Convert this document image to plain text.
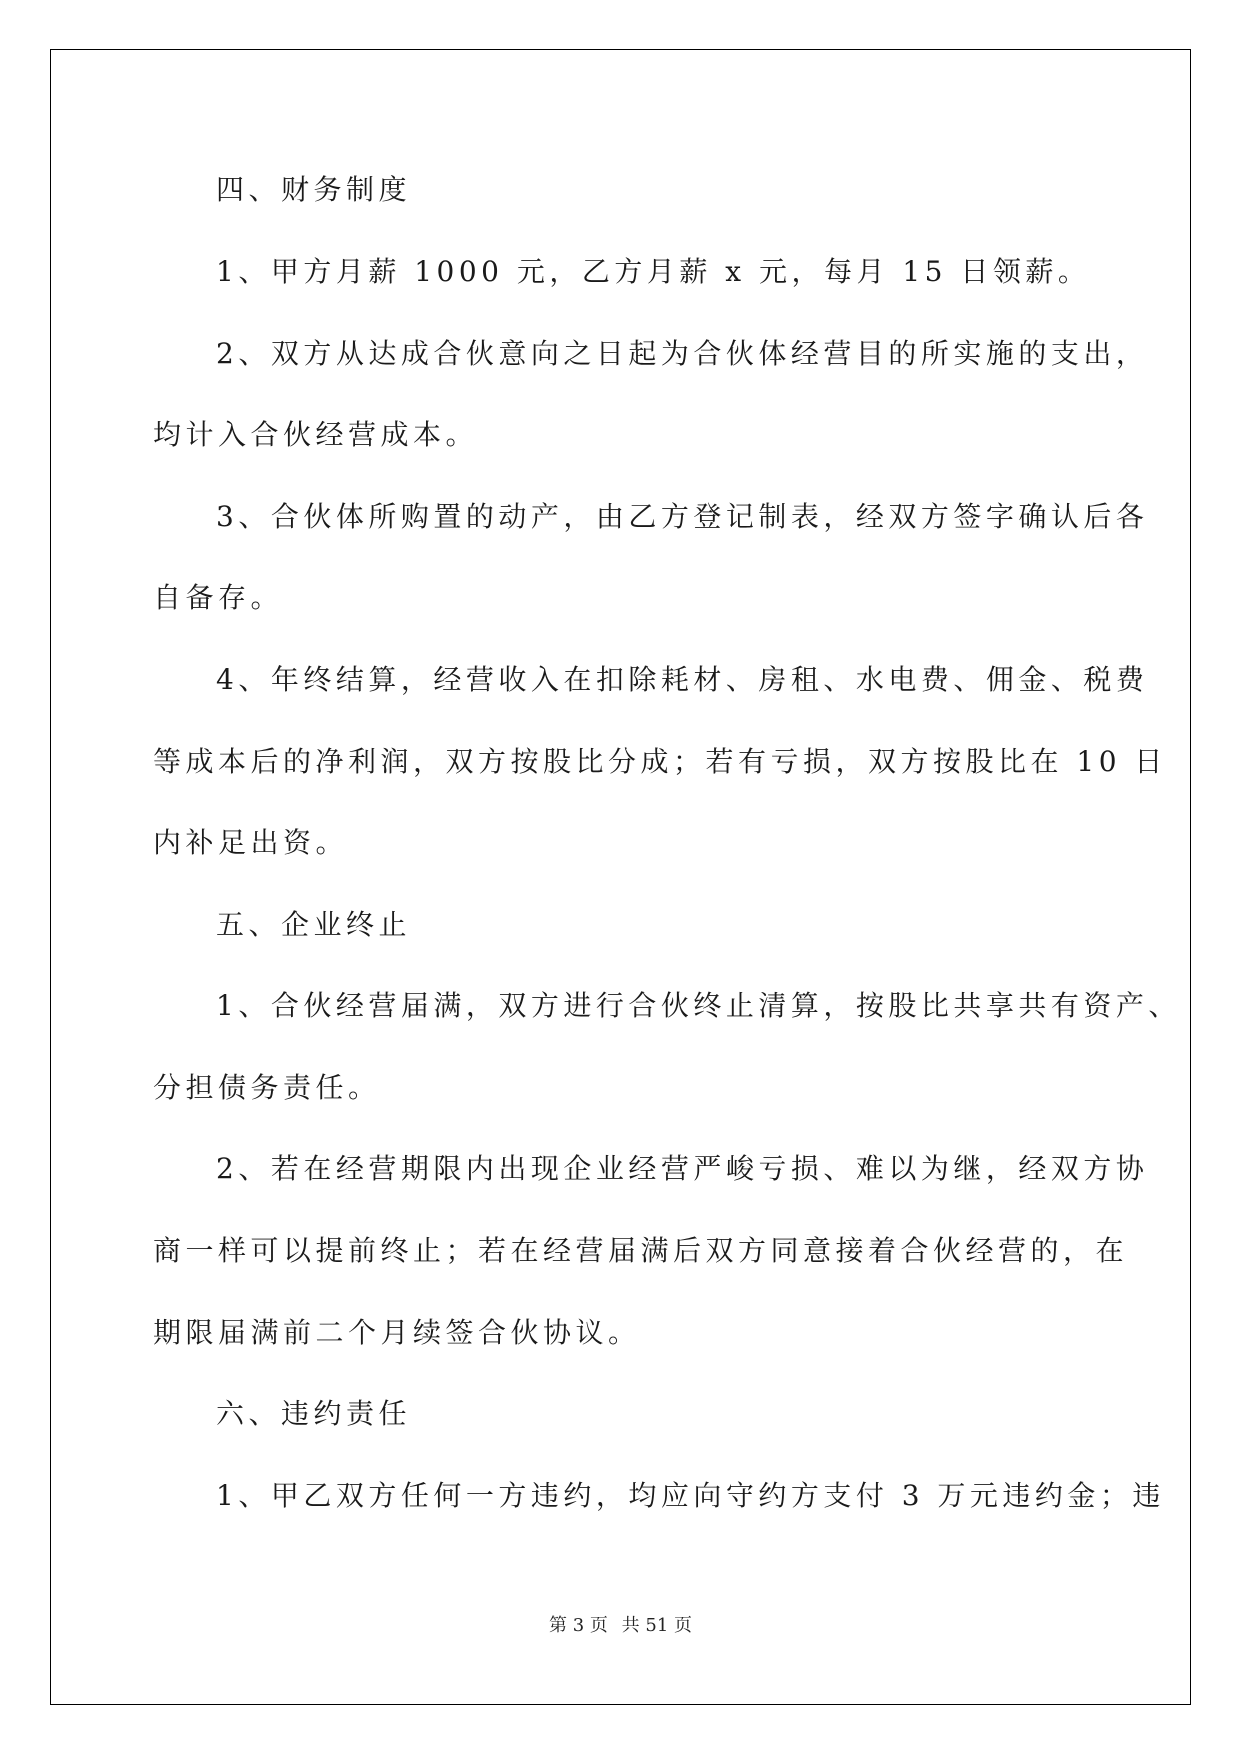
四、财务制度
1、甲方月薪 1000 元，乙方月薪 x 元，每月 15 日领薪。
2、双方从达成合伙意向之日起为合伙体经营目的所实施的支出，
均计入合伙经营成本。
3、合伙体所购置的动产，由乙方登记制表，经双方签字确认后各
自备存。
4、年终结算，经营收入在扣除耗材、房租、水电费、佣金、税费
等成本后的净利润，双方按股比分成；若有亏损，双方按股比在 10 日
内补足出资。
五、企业终止
1、合伙经营届满，双方进行合伙终止清算，按股比共享共有资产、
分担债务责任。
2、若在经营期限内出现企业经营严峻亏损、难以为继，经双方协
商一样可以提前终止；若在经营届满后双方同意接着合伙经营的，在
期限届满前二个月续签合伙协议。
六、违约责任
1、甲乙双方任何一方违约，均应向守约方支付 3 万元违约金；违
第 3 页 共 51 页
